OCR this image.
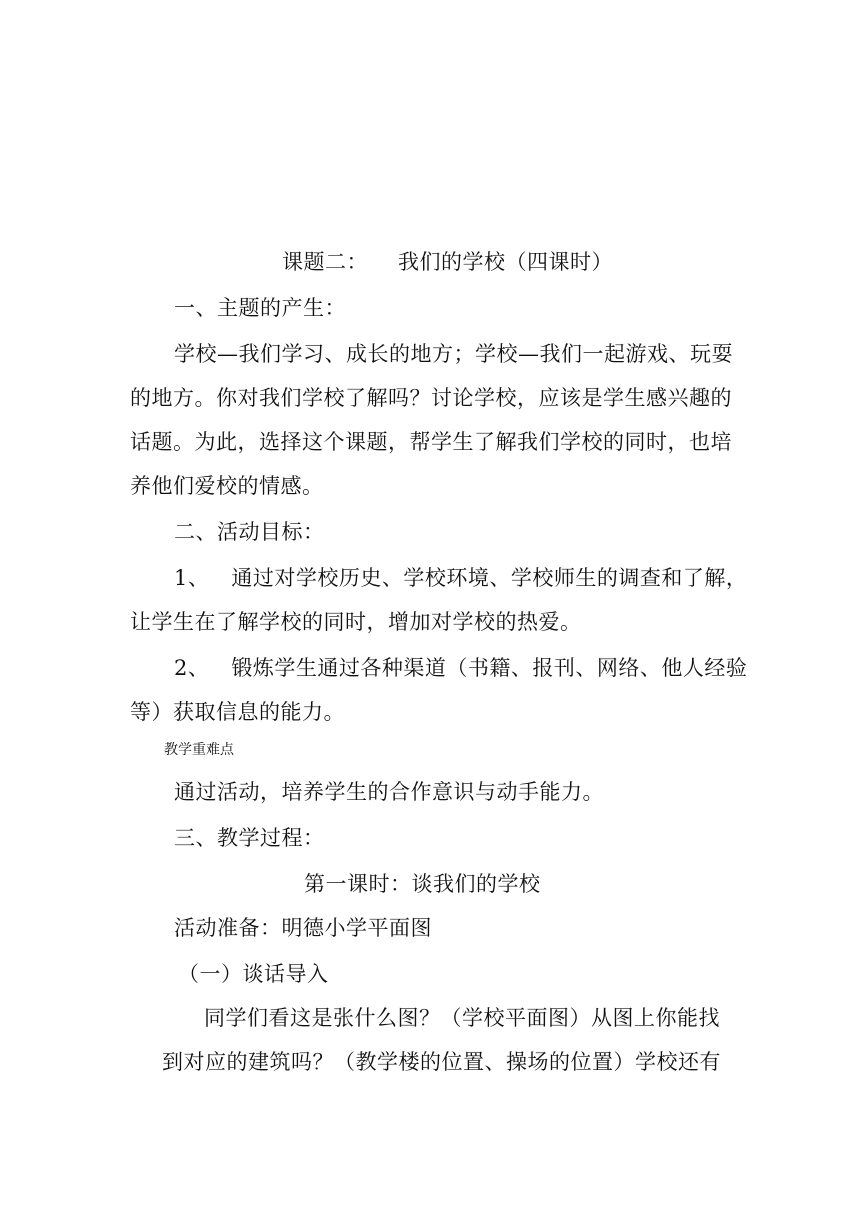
课题二： 我们的学校（四课时）
一、主题的产生：
学校—我们学习、成长的地方；学校—我们一起游戏、玩耍
的地方。你对我们学校了解吗？讨论学校，应该是学生感兴趣的
话题。为此，选择这个课题，帮学生了解我们学校的同时，也培
养他们爱校的情感。
二、活动目标：
1、 通过对学校历史、学校环境、学校师生的调查和了解，
让学生在了解学校的同时，增加对学校的热爱。
2、 锻炼学生通过各种渠道（书籍、报刊、网络、他人经验
等）获取信息的能力。
教学重难点
通过活动，培养学生的合作意识与动手能力。
三、教学过程：
第一课时：谈我们的学校
活动准备：明德小学平面图
（一）谈话导入
同学们看这是张什么图？（学校平面图）从图上你能找
到对应的建筑吗？（教学楼的位置、操场的位置）学校还有
